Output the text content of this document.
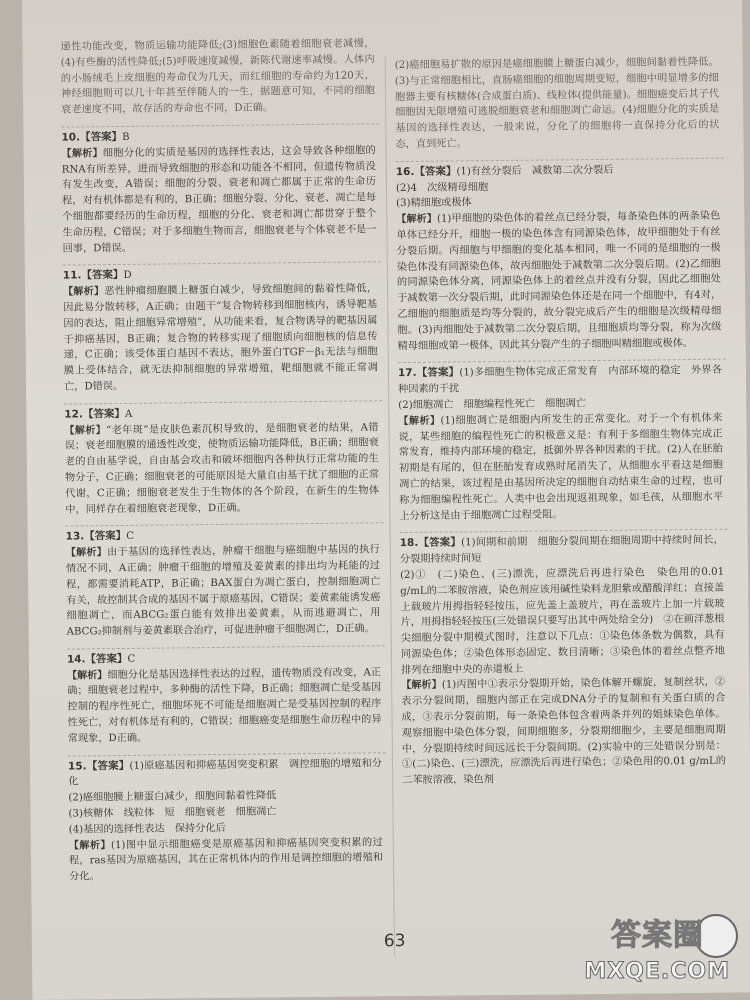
递性功能改变，物质运输功能降低;(3)细胞色素随着细胞衰老减慢，(4)有些酶的活性降低;(5)呼吸速度减慢，新陈代谢速率减慢。人体内的小肠绒毛上皮细胞的寿命仅为几天，而红细胞的寿命约为120天，神经细胞则可以几十年甚至伴随人的一生，据题意可知，不同的细胞衰老速度不同，故存活的寿命也不同，D正确。

10.【答案】B

【解析】细胞分化的实质是基因的选择性表达，这会导致各种细胞的RNA有所差异，进而导致细胞的形态和功能各不相同，但遗传物质没有发生改变，A错误；细胞的分裂、衰老和凋亡都属于正常的生命历程，对有机体都是有利的，B正确；细胞分裂、分化、衰老、凋亡是每个细胞都要经历的生命历程，细胞的分化、衰老和凋亡都贯穿于整个生命历程，C错误；对于多细胞生物而言，细胞衰老与个体衰老不是一回事，D错误。

11.【答案】D

【解析】恶性肿瘤细胞膜上糖蛋白减少，导致细胞间的黏着性降低，因此易分散转移，A正确；由题干“复合物转移到细胞核内，诱导靶基因的表达，阻止细胞异常增殖”，从功能来看，复合物诱导的靶基因属于抑癌基因，B正确；复合物的转移实现了细胞质向细胞核的信息传递，C正确；该受体蛋白基因不表达，胞外蛋白TGF－β₁无法与细胞膜上受体结合，就无法抑制细胞的异常增殖，靶细胞就不能正常凋亡，D错误。

12.【答案】A

【解析】“老年斑”是皮肤色素沉积导致的，是细胞衰老的结果，A错误；衰老细胞膜的通透性改变，使物质运输功能降低，B正确；细胞衰老的自由基学说，自由基会攻击和破坏细胞内各种执行正常功能的生物分子，C正确；细胞衰老的可能原因是大量自由基干扰了细胞的正常代谢，C正确；细胞衰老发生于生物体的各个阶段，在新生的生物体中，同样存在着细胞衰老现象，D正确。

13.【答案】C

【解析】由于基因的选择性表达，肿瘤干细胞与癌细胞中基因的执行情况不同，A正确；肿瘤干细胞的增殖及姜黄素的排出均为耗能的过程，都需要消耗ATP，B正确；BAX蛋白为凋亡蛋白，控制细胞凋亡有关，故控制其合成的基因不属于原癌基因，C错误；姜黄素能诱发癌细胞凋亡，而ABCG₂蛋白能有效排出姜黄素，从而逃避凋亡，用ABCG₂抑制剂与姜黄素联合治疗，可促进肿瘤干细胞凋亡，D正确。

14.【答案】C

【解析】细胞分化是基因选择性表达的过程，遗传物质没有改变，A正确；细胞衰老过程中，多种酶的活性下降，B正确；细胞凋亡是受基因控制的程序性死亡，细胞坏死不可能是细胞凋亡是受基因控制的程序性死亡，对有机体是有利的，C错误；细胞癌变是细胞生命历程中的异常现象，D正确。

15.【答案】(1)原癌基因和抑癌基因突变积累　调控细胞的增殖和分化

(2)癌细胞膜上糖蛋白减少，细胞间黏着性降低

(3)核糖体　线粒体　短　细胞衰老　细胞凋亡

(4)基因的选择性表达　保持分化后

【解析】(1)图中显示细胞癌变是原癌基因和抑癌基因突变积累的过程，ras基因为原癌基因，其在正常机体内的作用是调控细胞的增殖和分化。

(2)癌细胞易扩散的原因是癌细胞膜上糖蛋白减少，细胞间黏着性降低。(3)与正常细胞相比，直肠癌细胞的细胞周期变短，细胞中明显增多的细胞器主要有核糖体(合成蛋白质)、线粒体(提供能量)。细胞癌变后其子代细胞因无限增殖可逃脱细胞衰老和细胞凋亡命运。(4)细胞分化的实质是基因的选择性表达，一般来说，分化了的细胞将一直保持分化后的状态，直到死亡。

16.【答案】(1)有丝分裂后　减数第二次分裂后

(2)4　次级精母细胞

(3)精细胞或极体

【解析】(1)甲细胞的染色体的着丝点已经分裂，每条染色体的两条染色单体已经分开，细胞一极的染色体含有同源染色体，故甲细胞处于有丝分裂后期。丙细胞与甲细胞的变化基本相同，唯一不同的是细胞的一极染色体没有同源染色体，故丙细胞处于减数第二次分裂后期。(2)乙细胞的同源染色体分离，同源染色体上的着丝点并没有分裂，因此乙细胞处于减数第一次分裂后期，此时同源染色体还是在同一个细胞中，有4对，乙细胞的细胞质是均等分裂的，故分裂完成后产生的细胞是次级精母细胞。(3)丙细胞处于减数第二次分裂后期，且细胞质均等分裂，称为次级精母细胞或第一极体，因此其分裂产生的子细胞叫精细胞或极体。

17.【答案】(1)多细胞生物体完成正常发育　内部环境的稳定　外界各种因素的干扰

(2)细胞凋亡　细胞编程性死亡　细胞凋亡

【解析】(1)细胞凋亡是细胞内所发生的正常变化。对于一个有机体来说，某些细胞的编程性死亡的积极意义是：有利于多细胞生物体完成正常发育，维持内部环境的稳定，抵御外界各种因素的干扰。(2)人在胚胎初期是有尾的，但在胚胎发育成熟时尾消失了，从细胞水平看这是细胞凋亡的结果，该过程是由基因所决定的细胞自动结束生命的过程，也可称为细胞编程性死亡。人类中也会出现返祖现象，如毛孩，从细胞水平上分析这是由于细胞凋亡过程受阻。

18.【答案】(1)间期和前期　细胞分裂间期在细胞周期中持续时间长，分裂期持续时间短

(2)①　(二)染色、(三)漂洗，应漂洗后再进行染色　染色用的0.01 g/mL的二苯胺溶液，染色剂应该用碱性染料龙胆紫或醋酸洋红；直接盖上载玻片用拇指轻轻按压，应先盖上盖玻片，再在盖玻片上加一片载玻片，用拇指轻轻按压(三处错误只要写出其中两处给全分)　②在画洋葱根尖细胞分裂中期模式图时，注意以下几点：①染色体条数为偶数，具有同源染色体；②染色体形态固定、数目清晰；③染色体的着丝点整齐地排列在细胞中央的赤道板上

【解析】(1)丙图中①表示分裂期开始，染色体解开螺旋，复制丝状，②表示分裂间期，细胞内部正在完成DNA分子的复制和有关蛋白质的合成，③表示分裂前期，每一条染色体包含着两条并列的姐妹染色单体。观察细胞中染色体分裂，间期细胞多，分裂期细胞少，主要是细胞周期中，分裂期持续时间远远长于分裂间期。(2)实验中的三处错误分别是：①(二)染色、(三)漂洗，应漂洗后再进行染色；②染色用的0.01 g/mL的二苯胺溶液，染色剂

63	答案圈
MXQE.COM
